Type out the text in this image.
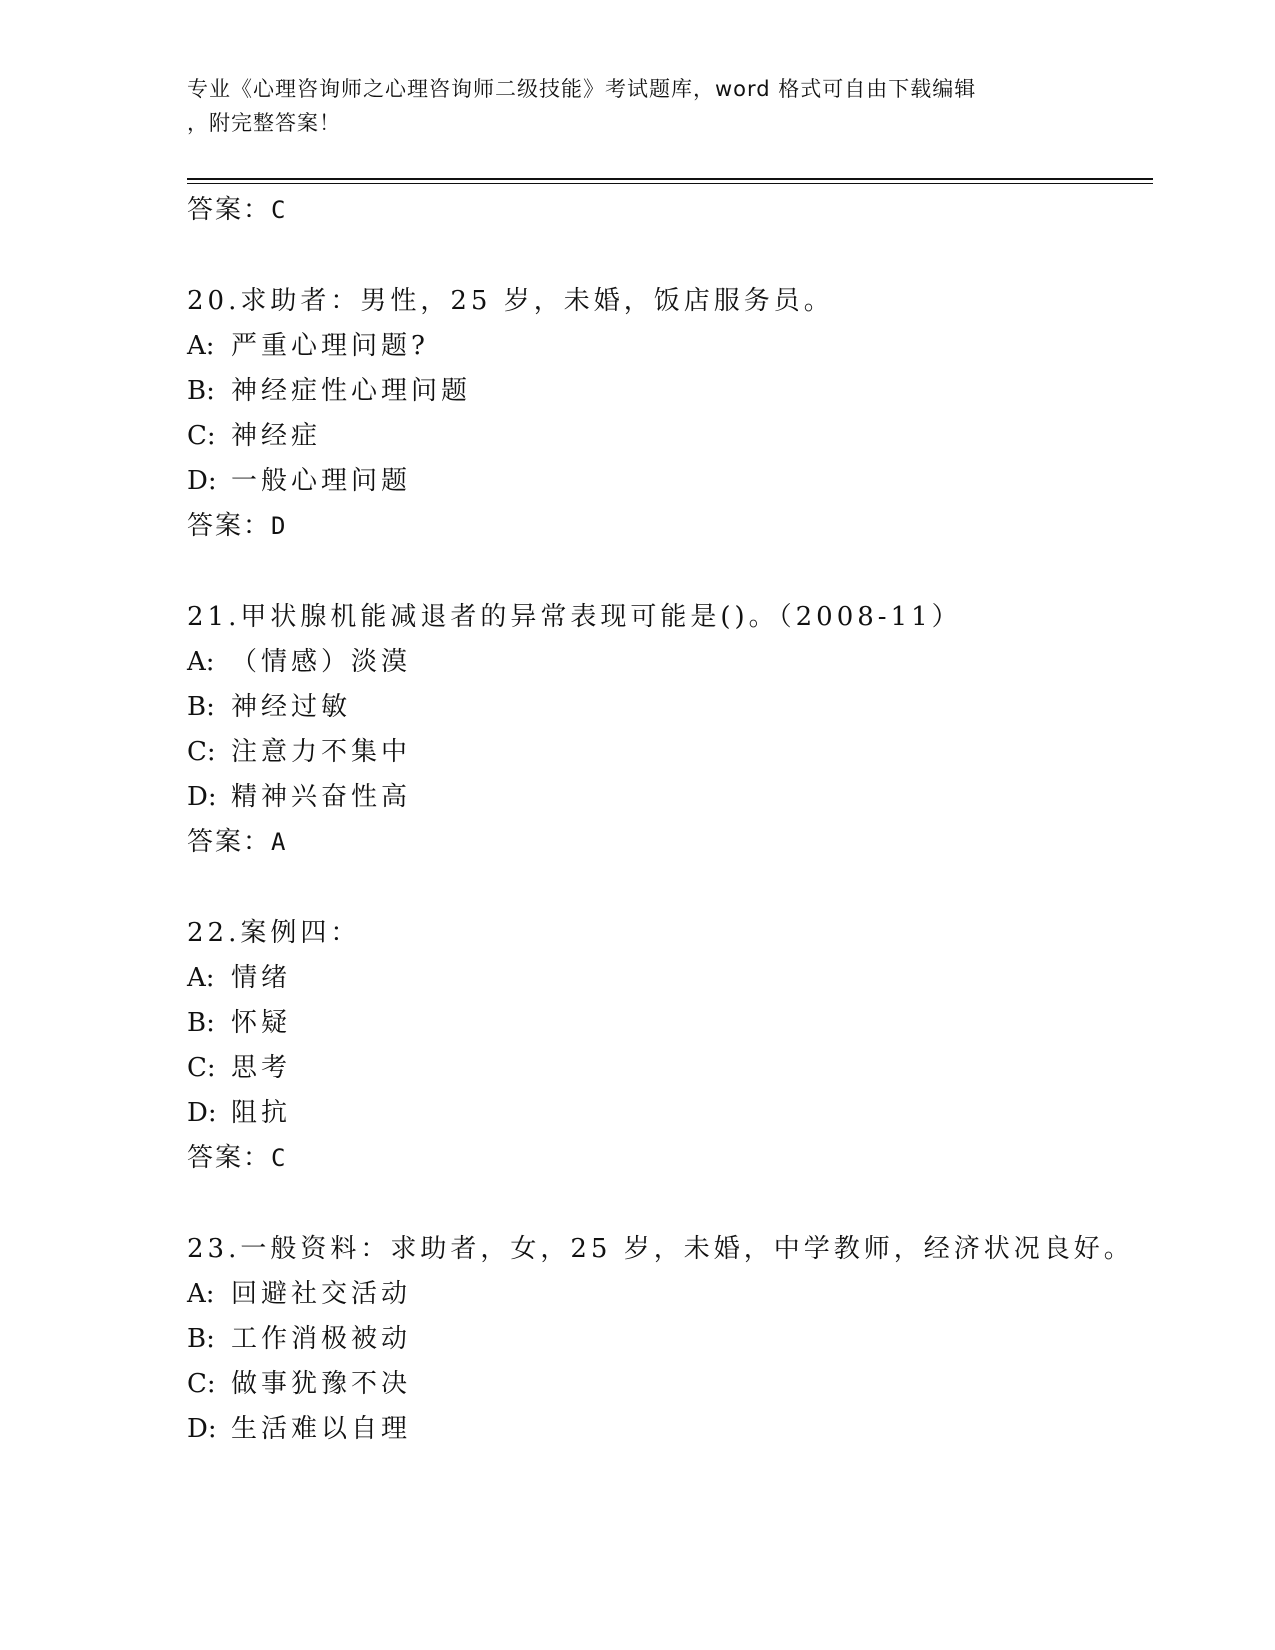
专业《心理咨询师之心理咨询师二级技能》考试题库，word 格式可自由下载编辑
，附完整答案！
答案：C
20.求助者：男性，25 岁，未婚，饭店服务员。
A: 严重心理问题?
B: 神经症性心理问题
C: 神经症
D: 一般心理问题
答案：D
21.甲状腺机能减退者的异常表现可能是()。（2008-11）
A: （情感）淡漠
B: 神经过敏
C: 注意力不集中
D: 精神兴奋性高
答案：A
22.案例四：
A: 情绪
B: 怀疑
C: 思考
D: 阻抗
答案：C
23.一般资料：求助者，女，25 岁，未婚，中学教师，经济状况良好。
A: 回避社交活动
B: 工作消极被动
C: 做事犹豫不决
D: 生活难以自理
